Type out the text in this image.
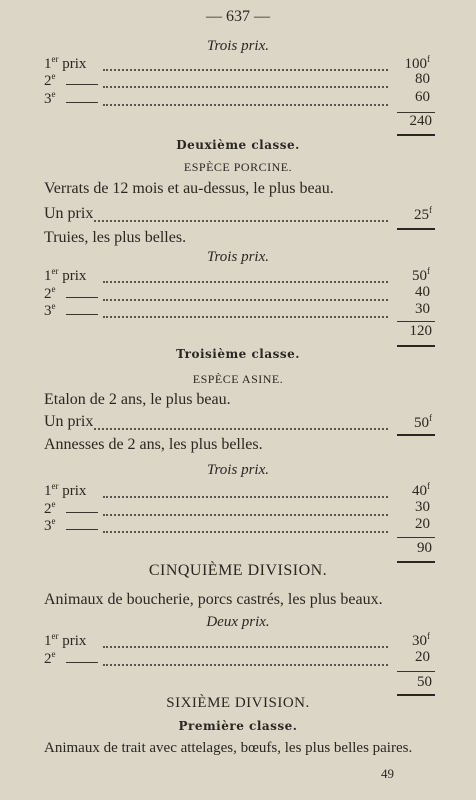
— 637 —
Trois prix.
1er prix	100$^f$
2e	80
3e	60
240
Deuxième classe.
ESPÈCE PORCINE.
Verrats de 12 mois et au-dessus, le plus beau.
Un prix	25$^f$
Truies, les plus belles.
Trois prix.
1er prix	50$^f$
2e	40
3e	30
120
Troisième classe.
ESPÈCE ASINE.
Etalon de 2 ans, le plus beau.
Un prix	50$^f$
Annesses de 2 ans, les plus belles.
Trois prix.
1er prix	40$^f$
2e	30
3e	20
90
CINQUIÈME DIVISION.
Animaux de boucherie, porcs castrés, les plus beaux.
Deux prix.
1er prix	30$^f$
2e	20
50
SIXIÈME DIVISION.
Première classe.
Animaux de trait avec attelages, bœufs, les plus belles paires.
49
